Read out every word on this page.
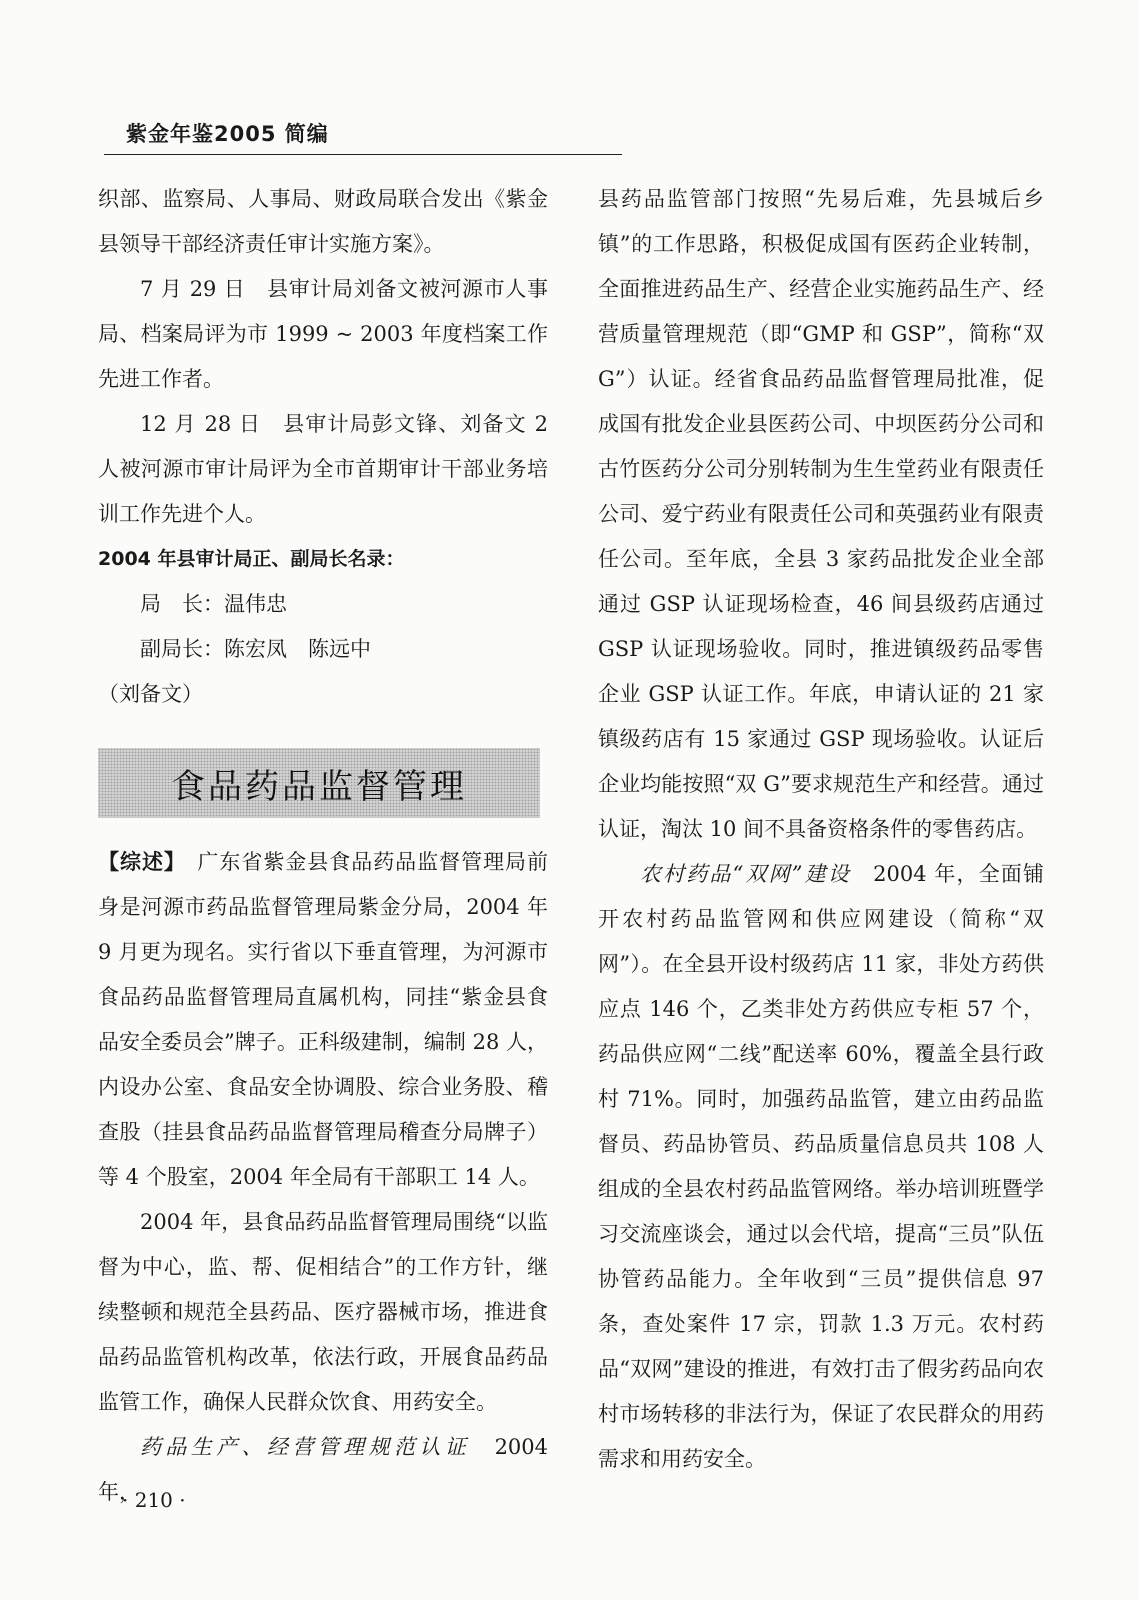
紫金年鉴2005 简编

织部、监察局、人事局、财政局联合发出《紫金县领导干部经济责任审计实施方案》。

7 月 29 日　县审计局刘备文被河源市人事局、档案局评为市 1999 ~ 2003 年度档案工作先进工作者。

12 月 28 日　县审计局彭文锋、刘备文 2 人被河源市审计局评为全市首期审计干部业务培训工作先进个人。

2004 年县审计局正、副局长名录：

局　长：温伟忠

副局长：陈宏凤　陈远中

（刘备文）

食品药品监督管理

【综述】　 广东省紫金县食品药品监督管理局前身是河源市药品监督管理局紫金分局，2004 年 9 月更为现名。实行省以下垂直管理，为河源市食品药品监督管理局直属机构，同挂“紫金县食品安全委员会”牌子。正科级建制，编制 28 人，内设办公室、食品安全协调股、综合业务股、稽查股（挂县食品药品监督管理局稽查分局牌子）等 4 个股室，2004 年全局有干部职工 14 人。

2004 年，县食品药品监督管理局围绕“以监督为中心，监、帮、促相结合”的工作方针，继续整顿和规范全县药品、医疗器械市场，推进食品药品监管机构改革，依法行政，开展食品药品监管工作，确保人民群众饮食、用药安全。

药品生产、经营管理规范认证　 2004 年，

县药品监管部门按照“先易后难，先县城后乡镇”的工作思路，积极促成国有医药企业转制，全面推进药品生产、经营企业实施药品生产、经营质量管理规范（即“GMP 和 GSP”，简称“双 G”）认证。经省食品药品监督管理局批准，促成国有批发企业县医药公司、中坝医药分公司和古竹医药分公司分别转制为生生堂药业有限责任公司、爱宁药业有限责任公司和英强药业有限责任公司。至年底，全县 3 家药品批发企业全部通过 GSP 认证现场检查，46 间县级药店通过 GSP 认证现场验收。同时，推进镇级药品零售企业 GSP 认证工作。年底，申请认证的 21 家镇级药店有 15 家通过 GSP 现场验收。认证后企业均能按照“双 G”要求规范生产和经营。通过认证，淘汰 10 间不具备资格条件的零售药店。

农村药品“双网”建设　 2004 年，全面铺开农村药品监管网和供应网建设（简称“双网”）。在全县开设村级药店 11 家，非处方药供应点 146 个，乙类非处方药供应专柜 57 个，药品供应网“二线”配送率 60%，覆盖全县行政村 71%。同时，加强药品监管，建立由药品监督员、药品协管员、药品质量信息员共 108 人组成的全县农村药品监管网络。举办培训班暨学习交流座谈会，通过以会代培，提高“三员”队伍协管药品能力。全年收到“三员”提供信息 97 条，查处案件 17 宗，罚款 1.3 万元。农村药品“双网”建设的推进，有效打击了假劣药品向农村市场转移的非法行为，保证了农民群众的用药需求和用药安全。

· 210 ·
